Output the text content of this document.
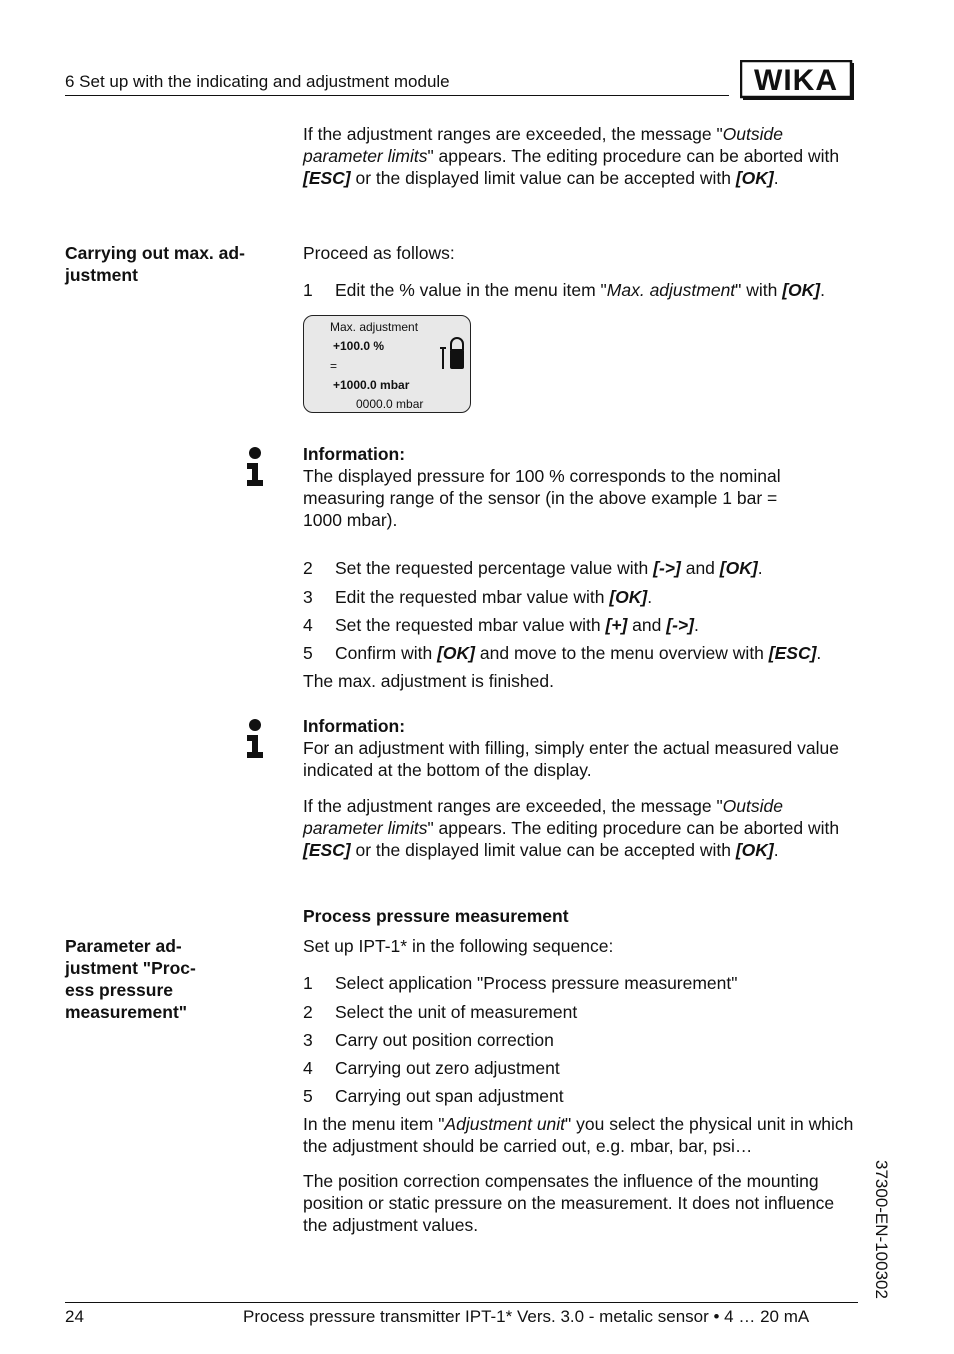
6 Set up with the indicating and adjustment module	WIKA

If the adjustment ranges are exceeded, the message "Outside parameter limits" appears. The editing procedure can be aborted with [ESC] or the displayed limit value can be accepted with [OK].

Carrying out max. ad-
justment
Proceed as follows:
1 Edit the % value in the menu item "Max. adjustment" with [OK].
Max. adjustment
+100.0 %
=
+1000.0 mbar
0000.0 mbar
Information:
The displayed pressure for 100 % corresponds to the nominal
measuring range of the sensor (in the above example 1 bar =
1000 mbar).
2 Set the requested percentage value with [->] and [OK].
3 Edit the requested mbar value with [OK].
4 Set the requested mbar value with [+] and [->].
5 Confirm with [OK] and move to the menu overview with [ESC].
The max. adjustment is finished.
Information:
For an adjustment with filling, simply enter the actual measured value
indicated at the bottom of the display.

If the adjustment ranges are exceeded, the message "Outside parameter limits" appears. The editing procedure can be aborted with [ESC] or the displayed limit value can be accepted with [OK].

Process pressure measurement
Parameter ad-
justment "Proc-
ess pressure
measurement"
Set up IPT-1* in the following sequence:
1 Select application "Process pressure measurement"
2 Select the unit of measurement
3 Carry out position correction
4 Carrying out zero adjustment
5 Carrying out span adjustment
In the menu item "Adjustment unit" you select the physical unit in which
the adjustment should be carried out, e.g. mbar, bar, psi…
The position correction compensates the influence of the mounting
position or static pressure on the measurement. It does not influence
the adjustment values.	37300-EN-100302
24	Process pressure transmitter IPT-1* Vers. 3.0 - metalic sensor • 4 … 20 mA
